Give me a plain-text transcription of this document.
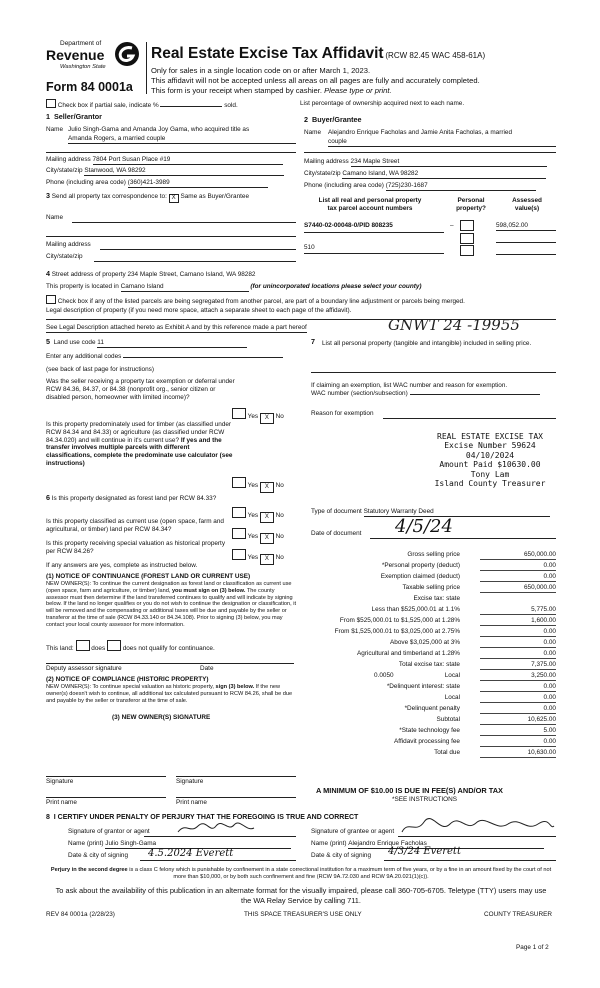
Department of
Revenue
Washington State
Form 84 0001a
Real Estate Excise Tax Affidavit (RCW 82.45 WAC 458-61A)
Only for sales in a single location code on or after March 1, 2023.
This affidavit will not be accepted unless all areas on all pages are fully and accurately completed.
This form is your receipt when stamped by cashier. Please type or print.
Check box if partial sale, indicate %	sold.	List percentage of ownership acquired next to each name.
1 Seller/Grantor
Name Julio Singh-Gama and Amanda Joy Gama, who acquired title as
Amanda Rogers, a married couple
Mailing address 7804 Port Susan Place #19
City/state/zip Stanwood, WA 98292
Phone (including area code) (360)421-3989
2 Buyer/Grantee
Name Alejandro Enrique Facholas and Jamie Anita Facholas, a married
couple
Mailing address 234 Maple Street
City/state/zip Camano Island, WA 98282
Phone (including area code) (725)230-1687
3 Send all property tax correspondence to: X Same as Buyer/Grantee
Name
Mailing address
City/state/zip
List all real and personal property
tax parcel account numbers
Personal
property?
Assessed
value(s)
S7440-02-00048-0/PID 808235	–	598,052.00
510
4 Street address of property 234 Maple Street, Camano Island, WA 98282
This property is located in Camano Island	(for unincorporated locations please select your county)
Check box if any of the listed parcels are being segregated from another parcel, are part of a boundary line adjustment or parcels being merged.
Legal description of property (if you need more space, attach a separate sheet to each page of the affidavit).
See Legal Description attached hereto as Exhibit A and by this reference made a part hereof	GNWT 24 -19955
5 Land use code 11
Enter any additional codes
(see back of last page for instructions)
Was the seller receiving a property tax exemption or deferral under RCW 84.36, 84.37, or 84.38 (nonprofit org., senior citizen or disabled person, homeowner with limited income)?
Yes X No
Is this property predominately used for timber (as classified under RCW 84.34 and 84.33) or agriculture (as classified under RCW 84.34.020) and will continue in it's current use? If yes and the transfer involves multiple parcels with different classifications, complete the predominate use calculator (see instructions)
Yes X No
7 List all personal property (tangible and intangible) included in selling price.
If claiming an exemption, list WAC number and reason for exemption.
WAC number (section/subsection)
Reason for exemption
REAL ESTATE EXCISE TAX
Excise Number 59624
04/10/2024
Amount Paid $10630.00
Tony Lam
Island County Treasurer
6 Is this property designated as forest land per RCW 84.33?
Yes X No
Is this property classified as current use (open space, farm and agricultural, or timber) land per RCW 84.34?
Yes X No
Is this property receiving special valuation as historical property per RCW 84.26?
Yes X No
If any answers are yes, complete as instructed below.
(1) NOTICE OF CONTINUANCE (FOREST LAND OR CURRENT USE)
NEW OWNER(S): To continue the current designation as forest land or classification as current use (open space, farm and agriculture, or timber) land, you must sign on (3) below. The county assessor must then determine if the land transferred continues to qualify and will indicate by signing below. If the land no longer qualifies or you do not wish to continue the designation or classification, it will be removed and the compensating or additional taxes will be due and payable by the seller or transferor at the time of sale (RCW 84.33.140 or 84.34.108). Prior to signing (3) below, you may contact your local county assessor for more information.
This land:	does	does not qualify for continuance.
Deputy assessor signature	Date
(2) NOTICE OF COMPLIANCE (HISTORIC PROPERTY)
NEW OWNER(S): To continue special valuation as historic property, sign (3) below. If the new owner(s) doesn't wish to continue, all additional tax calculated pursuant to RCW 84.26, shall be due and payable by the seller or transferor at the time of sale.
(3) NEW OWNER(S) SIGNATURE
Signature	Signature
Print name	Print name
Type of document Statutory Warranty Deed
Date of document 4/5/24
Gross selling price	650,000.00
*Personal property (deduct)	0.00
Exemption claimed (deduct)	0.00
Taxable selling price	650,000.00
Excise tax: state
Less than $525,000.01 at 1.1%	5,775.00
From $525,000.01 to $1,525,000 at 1.28%	1,600.00
From $1,525,000.01 to $3,025,000 at 2.75%	0.00
Above $3,025,000 at 3%	0.00
Agricultural and timberland at 1.28%	0.00
Total excise tax: state	7,375.00
0.0050	Local	3,250.00
*Delinquent interest: state	0.00
Local	0.00
*Delinquent penalty	0.00
Subtotal	10,625.00
*State technology fee	5.00
Affidavit processing fee	0.00
Total due	10,630.00
A MINIMUM OF $10.00 IS DUE IN FEE(S) AND/OR TAX
*SEE INSTRUCTIONS
8 I CERTIFY UNDER PENALTY OF PERJURY THAT THE FOREGOING IS TRUE AND CORRECT
Signature of grantor or agent
Name (print) Julio Singh-Gama
Date & city of signing 4.5.2024 Everett
Signature of grantee or agent
Name (print) Alejandro Enrique Facholas
Date & city of signing 4/3/24 Everett
Perjury in the second degree is a class C felony which is punishable by confinement in a state correctional institution for a maximum term of five years, or by a fine in an amount fixed by the court of not more than $10,000, or by both such confinement and fine (RCW 9A.72.030 and RCW 9A.20.021(1)(c)).
To ask about the availability of this publication in an alternate format for the visually impaired, please call 360-705-6705. Teletype (TTY) users may use the WA Relay Service by calling 711.
REV 84 0001a (2/28/23)	THIS SPACE TREASURER'S USE ONLY	COUNTY TREASURER
Page 1 of 2
